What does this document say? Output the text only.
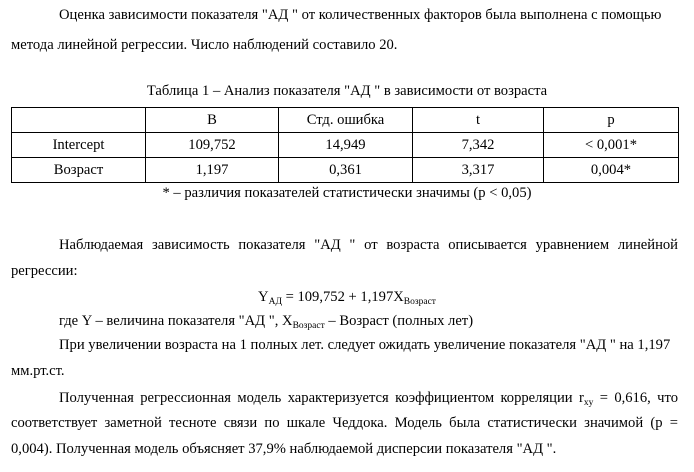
Оценка зависимости показателя "АД " от количественных факторов была выполнена с помощью
метода линейной регрессии. Число наблюдений составило 20.
Таблица 1 – Анализ показателя "АД " в зависимости от возраста
	B	Стд. ошибка	t	p
Intercept	109,752	14,949	7,342	< 0,001*
Возраст	1,197	0,361	3,317	0,004*
* – различия показателей статистически значимы (p < 0,05)
Наблюдаемая зависимость показателя "АД " от возраста описывается уравнением линейной
регрессии:
$Y_{АД} = 109,752 + 1,197X_{Возраст}$
где Y – величина показателя "АД ", $X_{Возраст}$ – Возраст (полных лет)
При увеличении возраста на 1 полных лет. следует ожидать увеличение показателя "АД " на 1,197
мм.рт.ст.
Полученная регрессионная модель характеризуется коэффициентом корреляции $r_{xy} = 0,616$, что
соответствует заметной тесноте связи по шкале Чеддока. Модель была статистически значимой (p =
0,004). Полученная модель объясняет 37,9% наблюдаемой дисперсии показателя "АД ".
